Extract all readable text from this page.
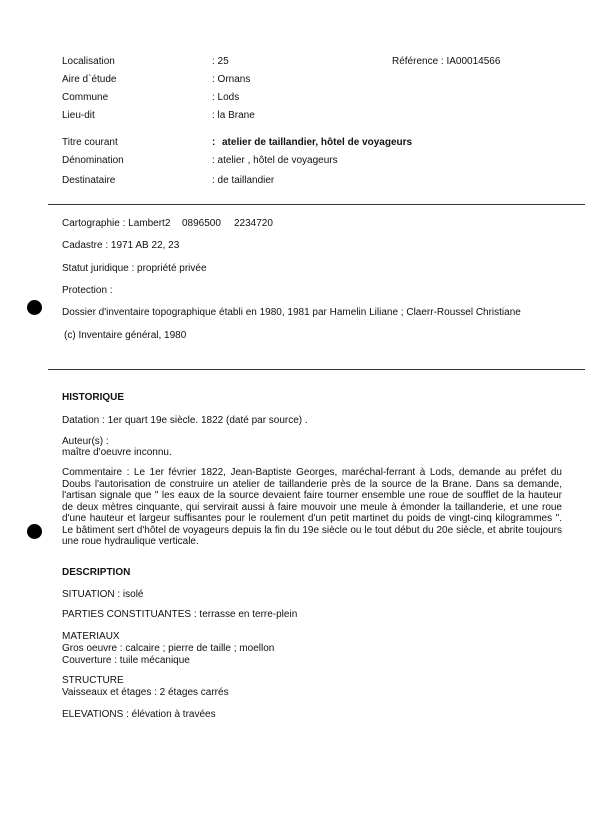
Localisation	: 25	Référence : IA00014566
Aire d`étude	: Ornans
Commune	: Lods
Lieu-dit	: la Brane
Titre courant	: atelier de taillandier, hôtel de voyageurs
Dénomination	: atelier , hôtel de voyageurs
Destinataire	: de taillandier
Cartographie : Lambert2 0896500 2234720
Cadastre : 1971 AB 22, 23
Statut juridique : propriété privée
Protection :
Dossier d'inventaire topographique établi en 1980, 1981 par Hamelin Liliane ; Claerr-Roussel Christiane
(c) Inventaire général, 1980
HISTORIQUE
Datation : 1er quart 19e siècle. 1822 (daté par source) .
Auteur(s) :
maître d'oeuvre inconnu.
Commentaire : Le 1er février 1822, Jean-Baptiste Georges, maréchal-ferrant à Lods, demande au préfet du Doubs l'autorisation de construire un atelier de taillanderie près de la source de la Brane. Dans sa demande, l'artisan signale que " les eaux de la source devaient faire tourner ensemble une roue de soufflet de la hauteur de deux mètres cinquante, qui servirait aussi à faire mouvoir une meule à émonder la taillanderie, et une roue d'une hauteur et largeur suffisantes pour le roulement d'un petit martinet du poids de vingt-cinq kilogrammes ". Le bâtiment sert d'hôtel de voyageurs depuis la fin du 19e siècle ou le tout début du 20e siècle, et abrite toujours une roue hydraulique verticale.
DESCRIPTION
SITUATION : isolé
PARTIES CONSTITUANTES : terrasse en terre-plein
MATERIAUX
Gros oeuvre : calcaire ; pierre de taille ; moellon
Couverture : tuile mécanique
STRUCTURE
Vaisseaux et étages : 2 étages carrés
ELEVATIONS : élévation à travées
